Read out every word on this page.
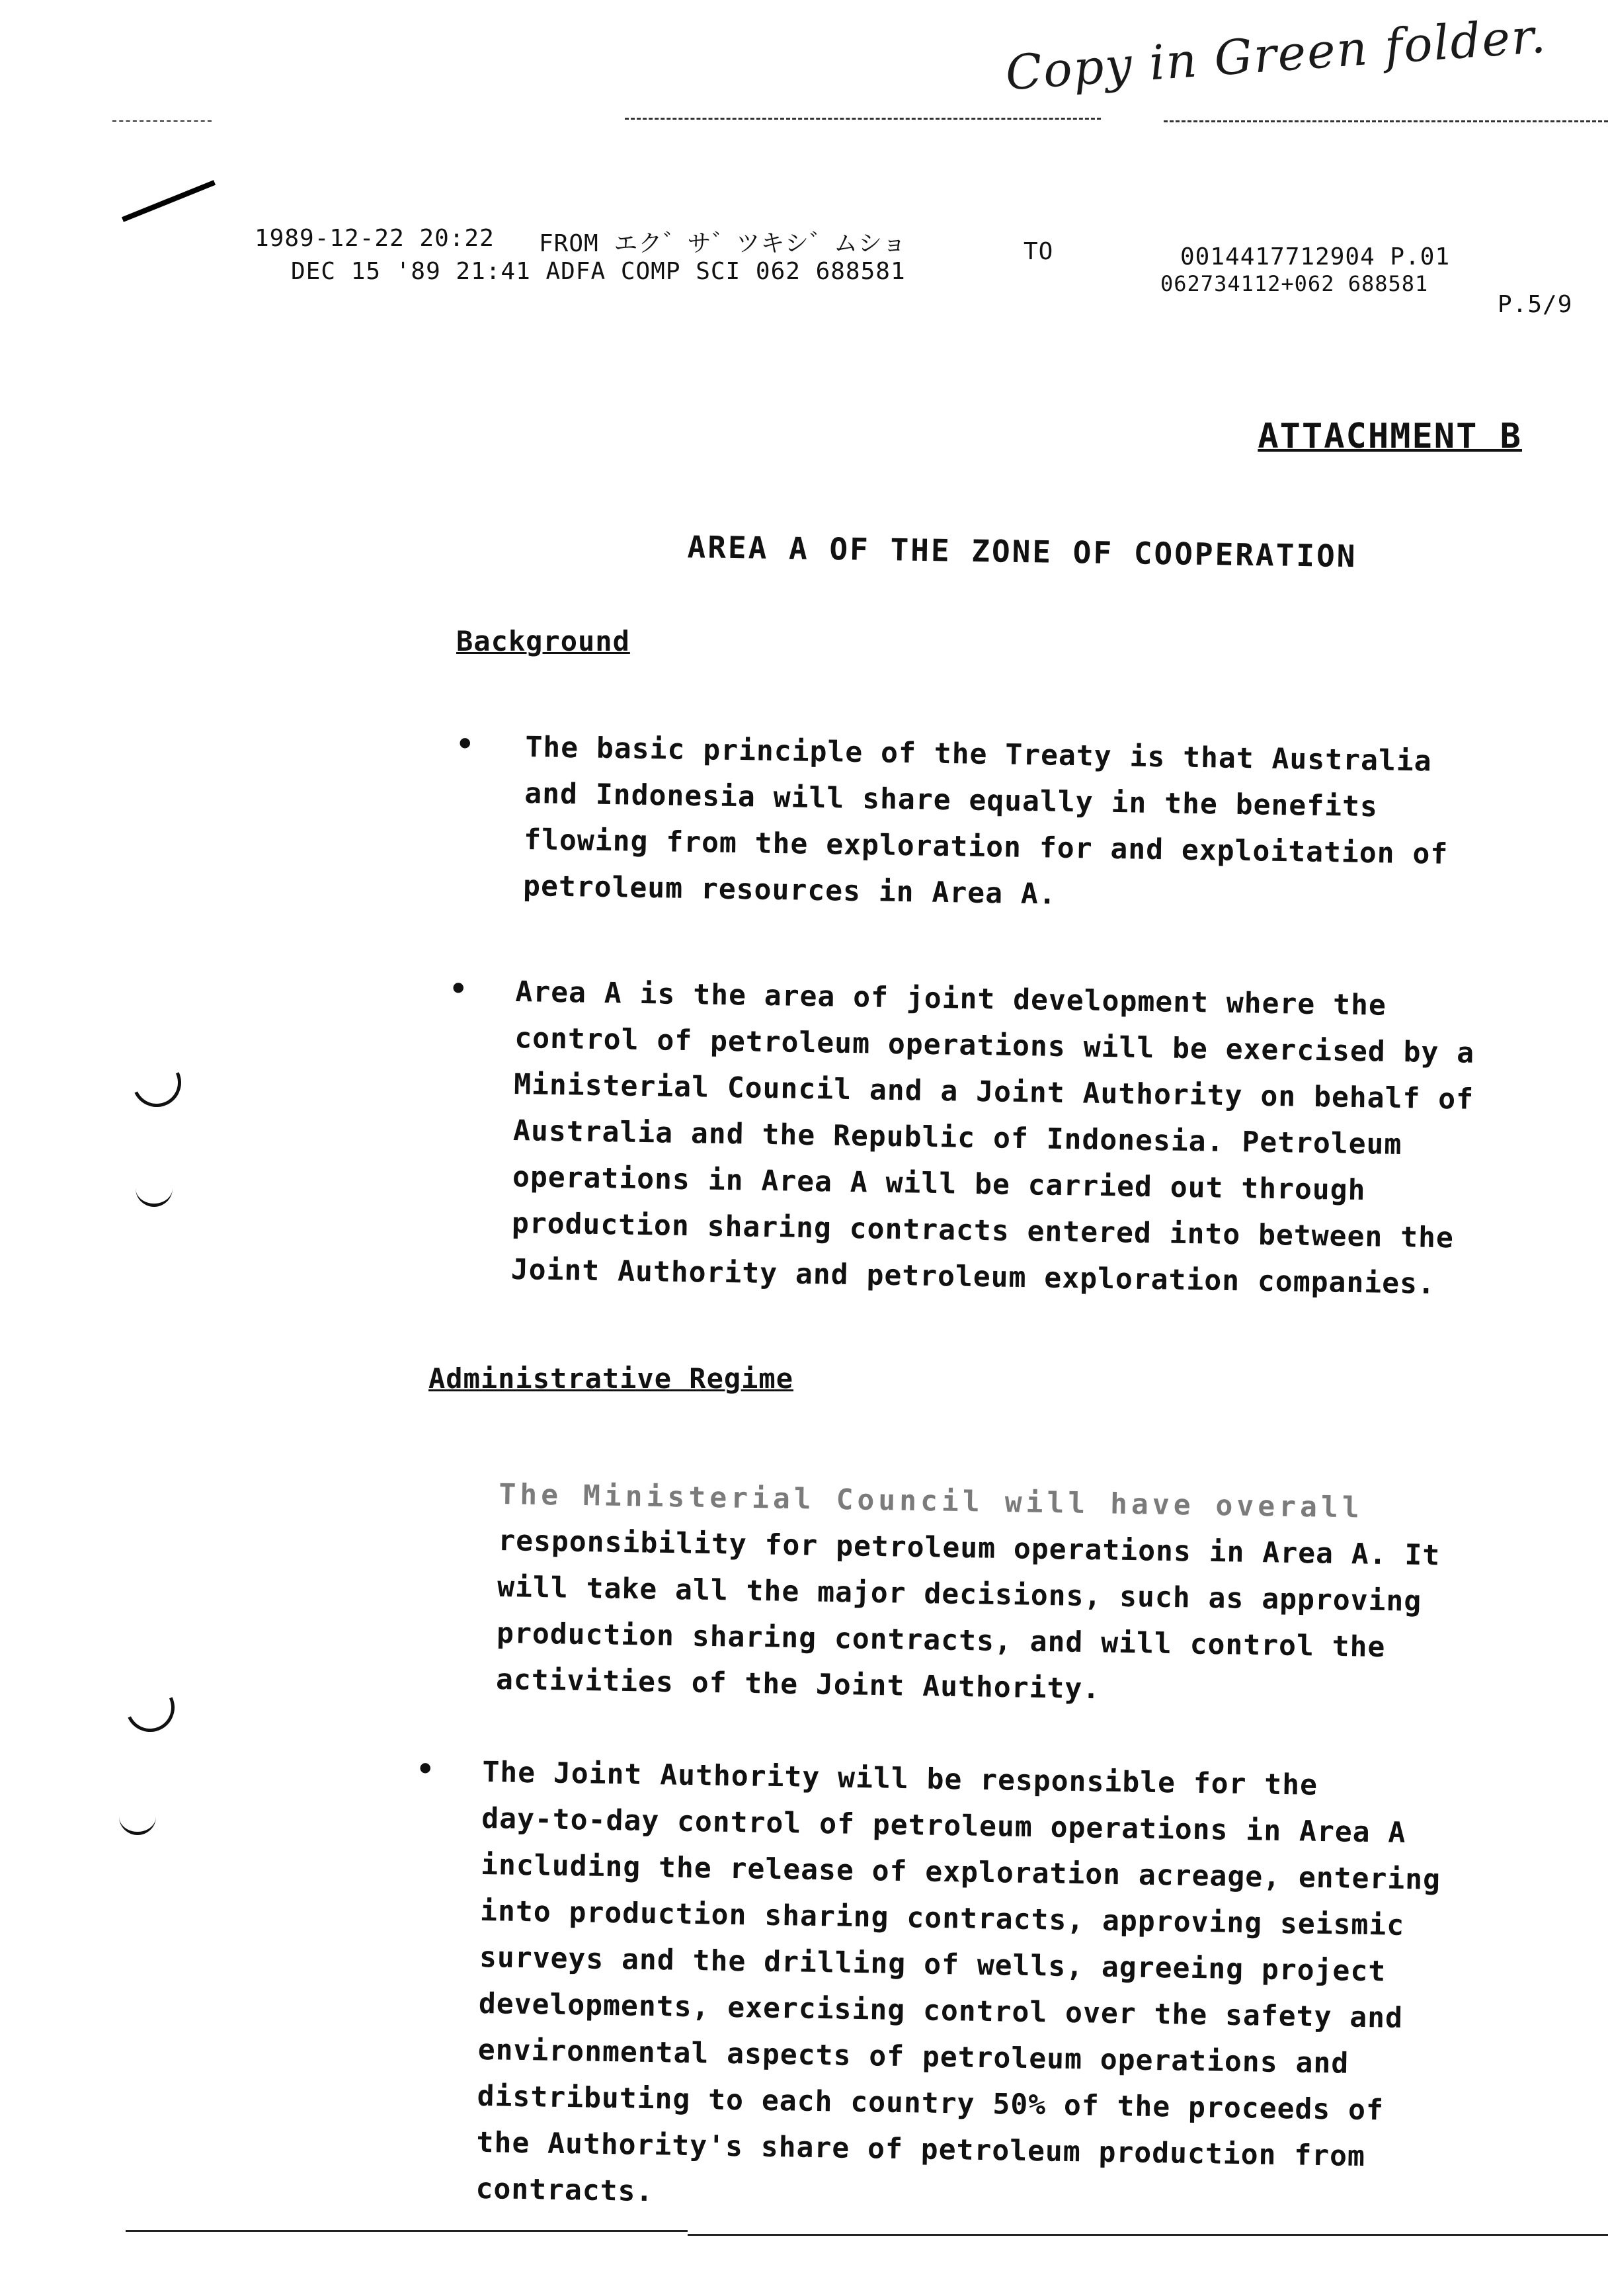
Copy in Green folder.
1989-12-22 20:22 FROM エク゛サ゛ツキシ゛ムショ	TO	0014417712904 P.01
DEC 15 '89 21:41 ADFA COMP SCI 062 688581	062734112+062 688581
P.5/9
ATTACHMENT B
AREA A OF THE ZONE OF COOPERATION
Background
• The basic principle of the Treaty is that Australia
and Indonesia will share equally in the benefits
flowing from the exploration for and exploitation of
petroleum resources in Area A.
• Area A is the area of joint development where the
control of petroleum operations will be exercised by a
Ministerial Council and a Joint Authority on behalf of
Australia and the Republic of Indonesia. Petroleum
operations in Area A will be carried out through
production sharing contracts entered into between the
Joint Authority and petroleum exploration companies.
Administrative Regime
The Ministerial Council will have overall
responsibility for petroleum operations in Area A. It
will take all the major decisions, such as approving
production sharing contracts, and will control the
activities of the Joint Authority.
• The Joint Authority will be responsible for the
day-to-day control of petroleum operations in Area A
including the release of exploration acreage, entering
into production sharing contracts, approving seismic
surveys and the drilling of wells, agreeing project
developments, exercising control over the safety and
environmental aspects of petroleum operations and
distributing to each country 50% of the proceeds of
the Authority's share of petroleum production from
contracts.
